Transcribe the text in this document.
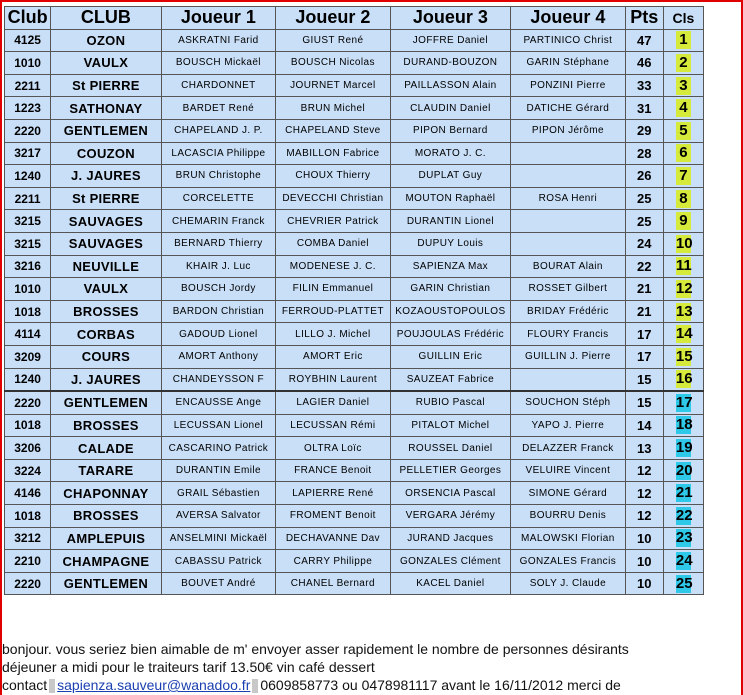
Club	CLUB	Joueur 1	Joueur 2	Joueur 3	Joueur 4	Pts	Cls
4125	OZON	ASKRATNI Farid	GIUST René	JOFFRE Daniel	PARTINICO Christ	47	1
1010	VAULX	BOUSCH Mickaël	BOUSCH Nicolas	DURAND-BOUZON	GARIN Stéphane	46	2
2211	St PIERRE	CHARDONNET	JOURNET Marcel	PAILLASSON Alain	PONZINI Pierre	33	3
1223	SATHONAY	BARDET René	BRUN Michel	CLAUDIN Daniel	DATICHE Gérard	31	4
2220	GENTLEMEN	CHAPELAND J. P.	CHAPELAND Steve	PIPON Bernard	PIPON Jérôme	29	5
3217	COUZON	LACASCIA Philippe	MABILLON Fabrice	MORATO J. C.		28	6
1240	J. JAURES	BRUN Christophe	CHOUX Thierry	DUPLAT Guy		26	7
2211	St PIERRE	CORCELETTE	DEVECCHI Christian	MOUTON Raphaël	ROSA Henri	25	8
3215	SAUVAGES	CHEMARIN Franck	CHEVRIER Patrick	DURANTIN Lionel		25	9
3215	SAUVAGES	BERNARD Thierry	COMBA Daniel	DUPUY Louis		24	10
3216	NEUVILLE	KHAIR J. Luc	MODENESE J. C.	SAPIENZA Max	BOURAT Alain	22	11
1010	VAULX	BOUSCH Jordy	FILIN Emmanuel	GARIN Christian	ROSSET Gilbert	21	12
1018	BROSSES	BARDON Christian	FERROUD-PLATTET	KOZAOUSTOPOULOS	BRIDAY Frédéric	21	13
4114	CORBAS	GADOUD Lionel	LILLO J. Michel	POUJOULAS Frédéric	FLOURY Francis	17	14
3209	COURS	AMORT Anthony	AMORT Eric	GUILLIN Eric	GUILLIN J. Pierre	17	15
1240	J. JAURES	CHANDEYSSON F	ROYBHIN Laurent	SAUZEAT Fabrice		15	16
2220	GENTLEMEN	ENCAUSSE Ange	LAGIER Daniel	RUBIO Pascal	SOUCHON Stéph	15	17
1018	BROSSES	LECUSSAN Lionel	LECUSSAN Rémi	PITALOT Michel	YAPO J. Pierre	14	18
3206	CALADE	CASCARINO Patrick	OLTRA Loïc	ROUSSEL Daniel	DELAZZER Franck	13	19
3224	TARARE	DURANTIN Emile	FRANCE Benoit	PELLETIER Georges	VELUIRE Vincent	12	20
4146	CHAPONNAY	GRAIL Sébastien	LAPIERRE René	ORSENCIA Pascal	SIMONE Gérard	12	21
1018	BROSSES	AVERSA Salvator	FROMENT Benoit	VERGARA Jérémy	BOURRU Denis	12	22
3212	AMPLEPUIS	ANSELMINI Mickaël	DECHAVANNE Dav	JURAND Jacques	MALOWSKI Florian	10	23
2210	CHAMPAGNE	CABASSU Patrick	CARRY Philippe	GONZALES Clément	GONZALES Francis	10	24
2220	GENTLEMEN	BOUVET André	CHANEL Bernard	KACEL Daniel	SOLY J. Claude	10	25
bonjour. vous seriez bien aimable de m' envoyer asser rapidement le nombre de personnes désirants
déjeuner a midi pour le traiteurs tarif 13.50€ vin café dessert
contact sapienza.sauveur@wanadoo.fr 0609858773 ou 0478981117 avant le 16/11/2012 merci de
